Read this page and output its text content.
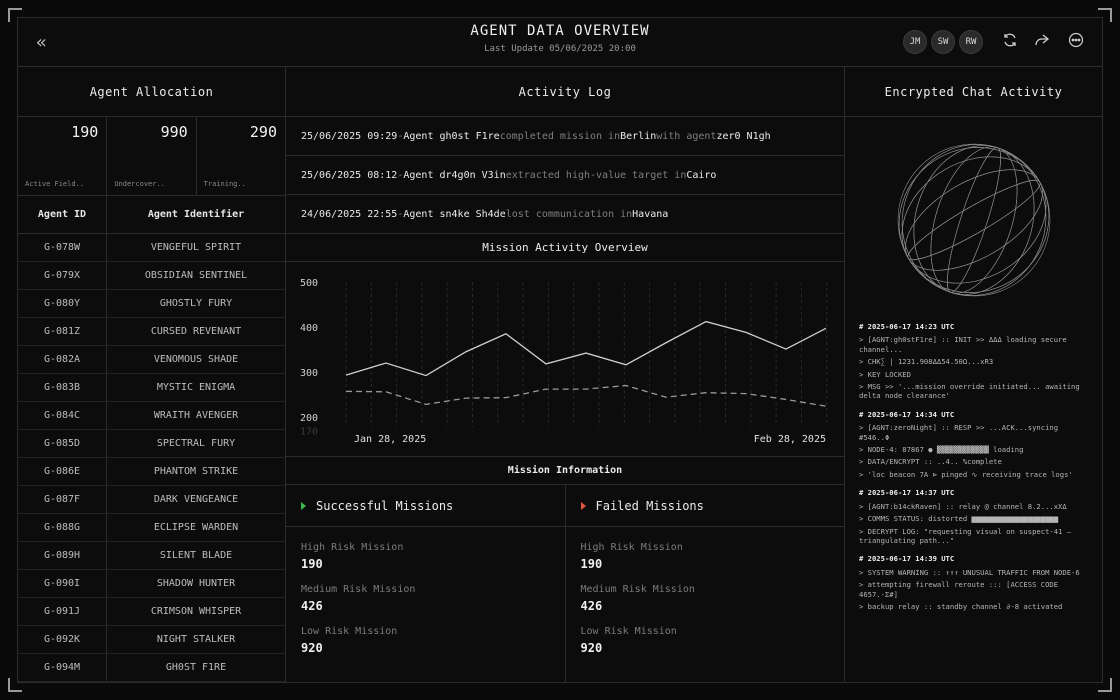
«
AGENT DATA OVERVIEW
Last Update 05/06/2025 20:00
JM	SW	RW
Agent Allocation
190
Active Field..
990
Undercover..
290
Training..
Agent ID	Agent Identifier
G-078W	VENGEFUL SPIRIT
G-079X	OBSIDIAN SENTINEL
G-080Y	GHOSTLY FURY
G-081Z	CURSED REVENANT
G-082A	VENOMOUS SHADE
G-083B	MYSTIC ENIGMA
G-084C	WRAITH AVENGER
G-085D	SPECTRAL FURY
G-086E	PHANTOM STRIKE
G-087F	DARK VENGEANCE
G-088G	ECLIPSE WARDEN
G-089H	SILENT BLADE
G-090I	SHADOW HUNTER
G-091J	CRIMSON WHISPER
G-092K	NIGHT STALKER
G-094M	GH0ST F1RE
Activity Log
25/06/2025 09:29 - Agent gh0st F1re completed mission in Berlin with agent zer0 N1gh
25/06/2025 08:12 - Agent dr4g0n V3in extracted high-value target in Cairo
24/06/2025 22:55 - Agent sn4ke Sh4de lost communication in Havana
Mission Activity Overview
500
400
300
200
170
Jan 28, 2025	Feb 28, 2025
Mission Information
Successful Missions
High Risk Mission
190
Medium Risk Mission
426
Low Risk Mission
920
Failed Missions
High Risk Mission
190
Medium Risk Mission
426
Low Risk Mission
920
Encrypted Chat Activity
# 2025-06-17 14:23 UTC
> [AGNT:gh0stF1re] :: INIT >> ΔΔΔ loading secure channel...
> CHK∑ | 1231.908ΔΔ54.50Ω...xR3
> KEY LOCKED
> MSG >> '...mission override initiated... awaiting delta node clearance'
# 2025-06-17 14:34 UTC
> [AGNT:zeroNight] :: RESP >> ...ACK...syncing #546..Φ
> NODE-4: 87867 ● ▓▓▓▓▓▓▓▓▓▓▓▓ loading
> DATA/ENCRYPT :: ..4.. %complete
> 'loc beacon 7A ⊳ pinged ∿ receiving trace logs'
# 2025-06-17 14:37 UTC
> [AGNT:b14ckRaven] :: relay @ channel 8.2...xXΔ
> COMMS STATUS: distorted ▆▆▆▆▆▆▆▆▆▆▆▆▆▆▆▆▆▆▆▆
> DECRYPT LOG: "requesting visual on suspect-41 — triangulating path..."
# 2025-06-17 14:39 UTC
> SYSTEM WARNING :: ↑↑↑ UNUSUAL TRAFFIC FROM NODE-6
> attempting firewall reroute ::: [ACCESS CODE 4657.-Σ#]
> backup relay :: standby channel ∂-8 activated
